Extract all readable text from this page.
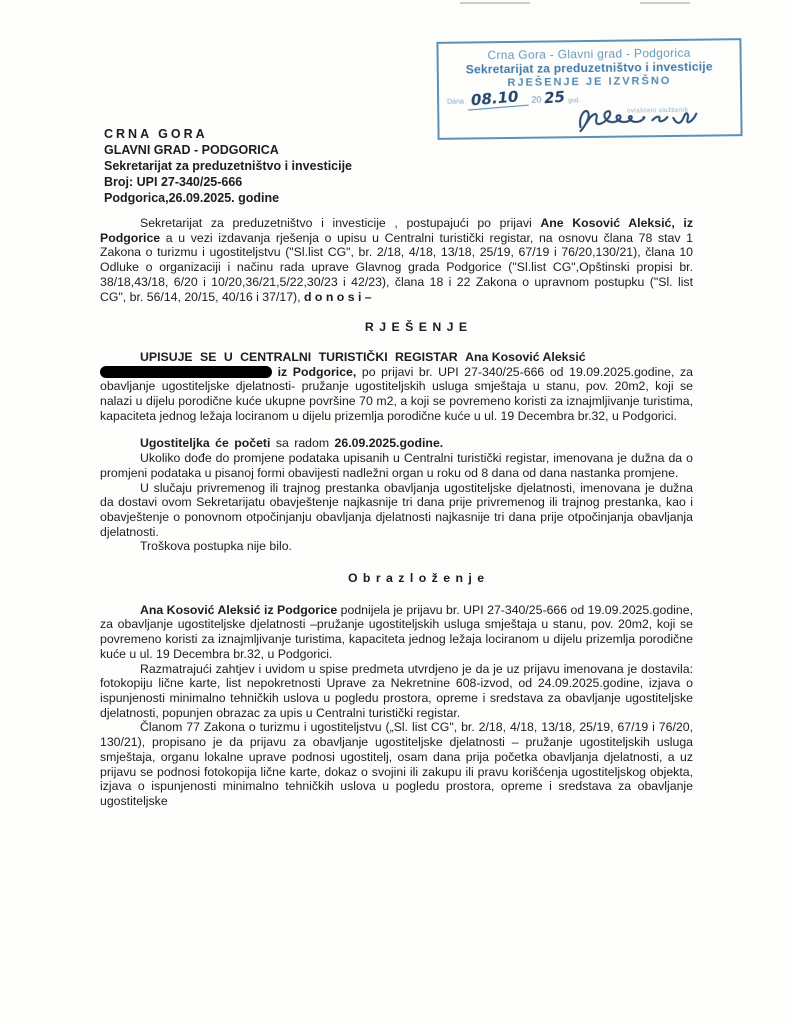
Crna Gora - Glavni grad - Podgorica
Sekretarijat za preduzetništvo i investicije
RJEŠENJE JE IZVRŠNO
Dana 08.10	20 25 god.
ovlašćeni službenik
CRNA GORA
GLAVNI GRAD - PODGORICA
Sekretarijat za preduzetništvo i investicije
Broj: UPI 27-340/25-666
Podgorica,26.09.2025. godine

Sekretarijat za preduzetništvo i investicije , postupajući po prijavi Ane Kosović Aleksić, iz Podgorice a u vezi izdavanja rješenja o upisu u Centralni turistički registar, na osnovu člana 78 stav 1 Zakona o turizmu i ugostiteljstvu ("Sl.list CG", br. 2/18, 4/18, 13/18, 25/19, 67/19 i 76/20,130/21), člana 10 Odluke o organizaciji i načinu rada uprave Glavnog grada Podgorice ("Sl.list CG",Opštinski propisi br. 38/18,43/18, 6/20 i 10/20,36/21,5/22,30/23 i 42/23), člana 18 i 22 Zakona o upravnom postupku ("Sl. list CG", br. 56/14, 20/15, 40/16 i 37/17), d o n o s i –

R J E Š E N J E

UPISUJE SE U CENTRALNI TURISTIČKI REGISTAR Ana Kosović Aleksić
iz Podgorice, po prijavi br. UPI 27-340/25-666 od 19.09.2025.godine, za obavljanje ugostiteljske djelatnosti- pružanje ugostiteljskih usluga smještaja u stanu, pov. 20m2, koji se nalazi u dijelu porodične kuće ukupne površine 70 m2, a koji se povremeno koristi za iznajmljivanje turistima, kapaciteta jednog ležaja lociranom u dijelu prizemlja porodične kuće u ul. 19 Decembra br.32, u Podgorici.

Ugostiteljka će početi sa radom 26.09.2025.godine.

Ukoliko dođe do promjene podataka upisanih u Centralni turistički registar, imenovana je dužna da o promjeni podataka u pisanoj formi obavijesti nadležni organ u roku od 8 dana od dana nastanka promjene.

U slučaju privremenog ili trajnog prestanka obavljanja ugostiteljske djelatnosti, imenovana je dužna da dostavi ovom Sekretarijatu obavještenje najkasnije tri dana prije privremenog ili trajnog prestanka, kao i obavještenje o ponovnom otpočinjanju obavljanja djelatnosti najkasnije tri dana prije otpočinjanja obavljanja djelatnosti.

Troškova postupka nije bilo.

O b r a z l o ž e n j e

Ana Kosović Aleksić iz Podgorice podnijela je prijavu br. UPI 27-340/25-666 od 19.09.2025.godine, za obavljanje ugostiteljske djelatnosti –pružanje ugostiteljskih usluga smještaja u stanu, pov. 20m2, koji se povremeno koristi za iznajmljivanje turistima, kapaciteta jednog ležaja lociranom u dijelu prizemlja porodične kuće u ul. 19 Decembra br.32, u Podgorici.

Razmatrajući zahtjev i uvidom u spise predmeta utvrdjeno je da je uz prijavu imenovana je dostavila: fotokopiju lične karte, list nepokretnosti Uprave za Nekretnine 608-izvod, od 24.09.2025.godine, izjava o ispunjenosti minimalno tehničkih uslova u pogledu prostora, opreme i sredstava za obavljanje ugostiteljske djelatnosti, popunjen obrazac za upis u Centralni turistički registar.

Članom 77 Zakona o turizmu i ugostiteljstvu („Sl. list CG", br. 2/18, 4/18, 13/18, 25/19, 67/19 i 76/20, 130/21), propisano je da prijavu za obavljanje ugostiteljske djelatnosti – pružanje ugostiteljskih usluga smještaja, organu lokalne uprave podnosi ugostitelj, osam dana prija početka obavljanja djelatnosti, a uz prijavu se podnosi fotokopija lične karte, dokaz o svojini ili zakupu ili pravu korišćenja ugostiteljskog objekta, izjava o ispunjenosti minimalno tehničkih uslova u pogledu prostora, opreme i sredstava za obavljanje ugostiteljske
